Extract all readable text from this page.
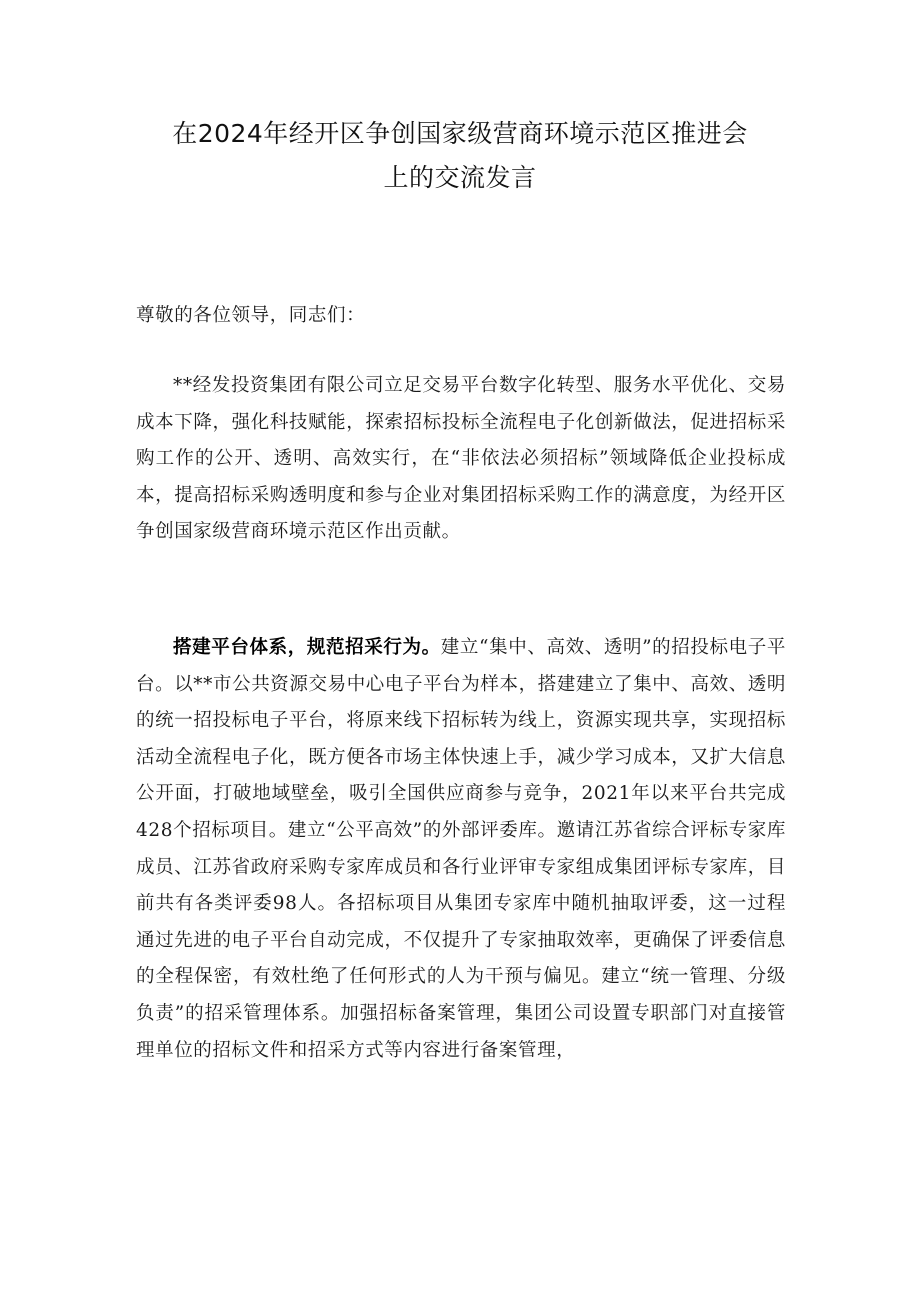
在2024年经开区争创国家级营商环境示范区推进会
上的交流发言

尊敬的各位领导，同志们：

**经发投资集团有限公司立足交易平台数字化转型、服务水平优化、交易成本下降，强化科技赋能，探索招标投标全流程电子化创新做法，促进招标采购工作的公开、透明、高效实行，在“非依法必须招标”领域降低企业投标成本，提高招标采购透明度和参与企业对集团招标采购工作的满意度，为经开区争创国家级营商环境示范区作出贡献。

搭建平台体系，规范招采行为。建立“集中、高效、透明”的招投标电子平台。以**市公共资源交易中心电子平台为样本，搭建建立了集中、高效、透明的统一招投标电子平台，将原来线下招标转为线上，资源实现共享，实现招标活动全流程电子化，既方便各市场主体快速上手，减少学习成本，又扩大信息公开面，打破地域壁垒，吸引全国供应商参与竞争，2021年以来平台共完成428个招标项目。建立“公平高效”的外部评委库。邀请江苏省综合评标专家库成员、江苏省政府采购专家库成员和各行业评审专家组成集团评标专家库，目前共有各类评委98人。各招标项目从集团专家库中随机抽取评委，这一过程通过先进的电子平台自动完成，不仅提升了专家抽取效率，更确保了评委信息的全程保密，有效杜绝了任何形式的人为干预与偏见。建立“统一管理、分级负责”的招采管理体系。加强招标备案管理，集团公司设置专职部门对直接管理单位的招标文件和招采方式等内容进行备案管理，
